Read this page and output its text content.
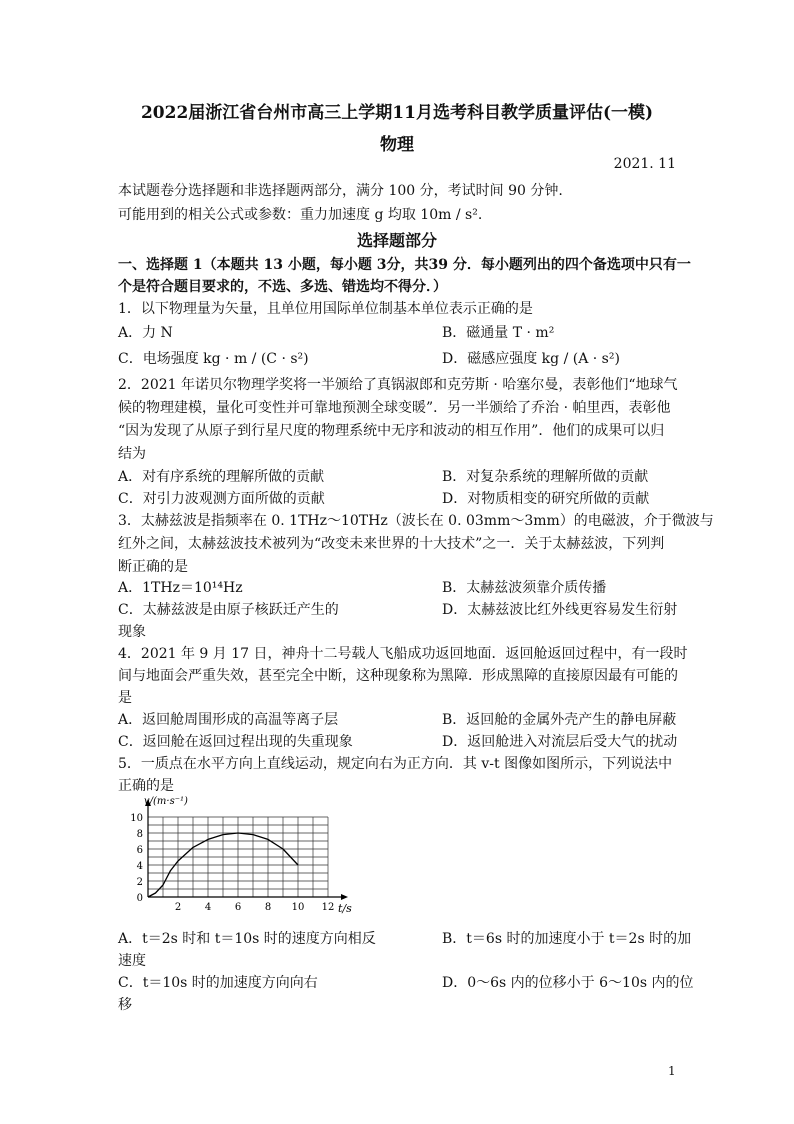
2022届浙江省台州市高三上学期11月选考科目教学质量评估(一模)
物理
2021. 11
本试题卷分选择题和非选择题两部分，满分 100 分，考试时间 90 分钟.
可能用到的相关公式或参数：重力加速度 g 均取 10m / s².
选择题部分
一、选择题 1（本题共 13 小题，每小题 3分，共39 分．每小题列出的四个备选项中只有一
个是符合题目要求的，不选、多选、错选均不得分．）
1．以下物理量为矢量，且单位用国际单位制基本单位表示正确的是
A．力 N	B．磁通量 T · m²
C．电场强度 kg · m / (C · s²)	D．磁感应强度 kg / (A · s²)
2．2021 年诺贝尔物理学奖将一半颁给了真锅淑郎和克劳斯 · 哈塞尔曼，表彰他们“地球气
候的物理建模，量化可变性并可靠地预测全球变暖”．另一半颁给了乔治 · 帕里西，表彰他
“因为发现了从原子到行星尺度的物理系统中无序和波动的相互作用”．他们的成果可以归
结为
A．对有序系统的理解所做的贡献	B．对复杂系统的理解所做的贡献
C．对引力波观测方面所做的贡献	D．对物质相变的研究所做的贡献
3．太赫兹波是指频率在 0. 1THz～10THz（波长在 0. 03mm～3mm）的电磁波，介于微波与
红外之间，太赫兹波技术被列为“改变未来世界的十大技术”之一．关于太赫兹波，下列判
断正确的是
A．1THz＝10¹⁴Hz	B．太赫兹波须靠介质传播
C．太赫兹波是由原子核跃迁产生的	D．太赫兹波比红外线更容易发生衍射
现象
4．2021 年 9 月 17 日，神舟十二号载人飞船成功返回地面．返回舱返回过程中，有一段时
间与地面会严重失效，甚至完全中断，这种现象称为黑障．形成黑障的直接原因最有可能的
是
A．返回舱周围形成的高温等离子层	B．返回舱的金属外壳产生的静电屏蔽
C．返回舱在返回过程出现的失重现象	D．返回舱进入对流层后受大气的扰动
5．一质点在水平方向上直线运动，规定向右为正方向．其 v-t 图像如图所示，下列说法中
正确的是
2 4 6 8 10 12
0
2
4
6
8
10
v/(m·s⁻¹)
t/s
A．t＝2s 时和 t＝10s 时的速度方向相反	B．t＝6s 时的加速度小于 t＝2s 时的加
速度
C．t＝10s 时的加速度方向向右	D．0～6s 内的位移小于 6～10s 内的位
移
1
